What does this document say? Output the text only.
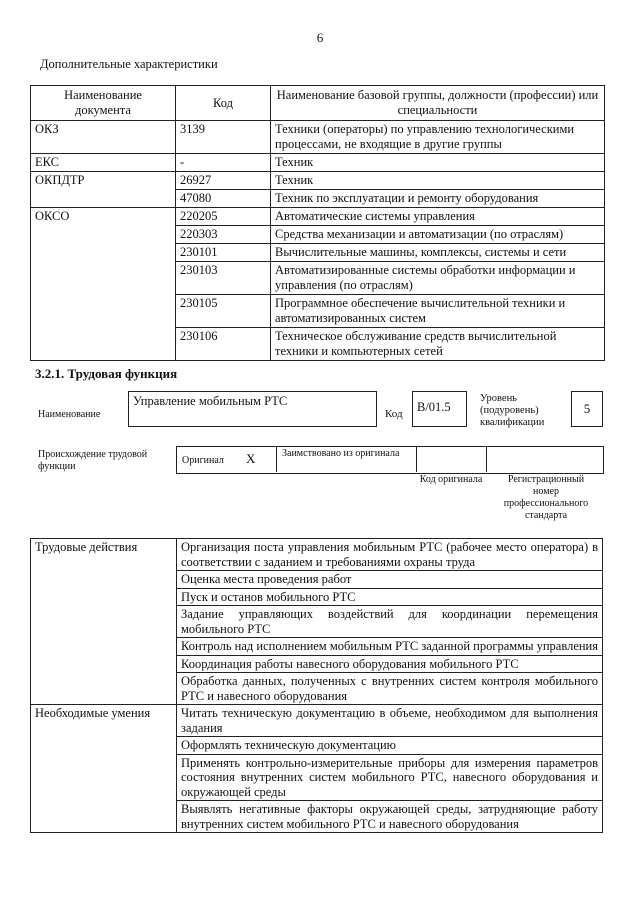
6
Дополнительные характеристики
Наименование документа	Код	Наименование базовой группы, должности (профессии) или специальности
ОКЗ	3139	Техники (операторы) по управлению технологическими процессами, не входящие в другие группы
ЕКС	-	Техник
ОКПДТР	26927	Техник
	47080	Техник по эксплуатации и ремонту оборудования
ОКСО	220205	Автоматические системы управления
	220303	Средства механизации и автоматизации (по отраслям)
	230101	Вычислительные машины, комплексы, системы и сети
	230103	Автоматизированные системы обработки информации и управления (по отраслям)
	230105	Программное обеспечение вычислительной техники и автоматизированных систем
	230106	Техническое обслуживание средств вычислительной техники и компьютерных сетей
3.2.1. Трудовая функция
Наименование
Управление мобильным РТС
Код	B/01.5
Уровень (подуровень) квалификации
5
Происхождение трудовой функции
Оригинал X	Заимствовано из оригинала
Код оригинала	Регистрационный номер профессионального стандарта
Трудовые действия	Организация поста управления мобильным РТС (рабочее место оператора) в соответствии с заданием и требованиями охраны труда
	Оценка места проведения работ
	Пуск и останов мобильного РТС
	Задание управляющих воздействий для координации перемещения мобильного РТС
	Контроль над исполнением мобильным РТС заданной программы управления
	Координация работы навесного оборудования мобильного РТС
	Обработка данных, полученных с внутренних систем контроля мобильного РТС и навесного оборудования
Необходимые умения	Читать техническую документацию в объеме, необходимом для выполнения задания
	Оформлять техническую документацию
	Применять контрольно-измерительные приборы для измерения параметров состояния внутренних систем мобильного РТС, навесного оборудования и окружающей среды
	Выявлять негативные факторы окружающей среды, затрудняющие работу внутренних систем мобильного РТС и навесного оборудования
